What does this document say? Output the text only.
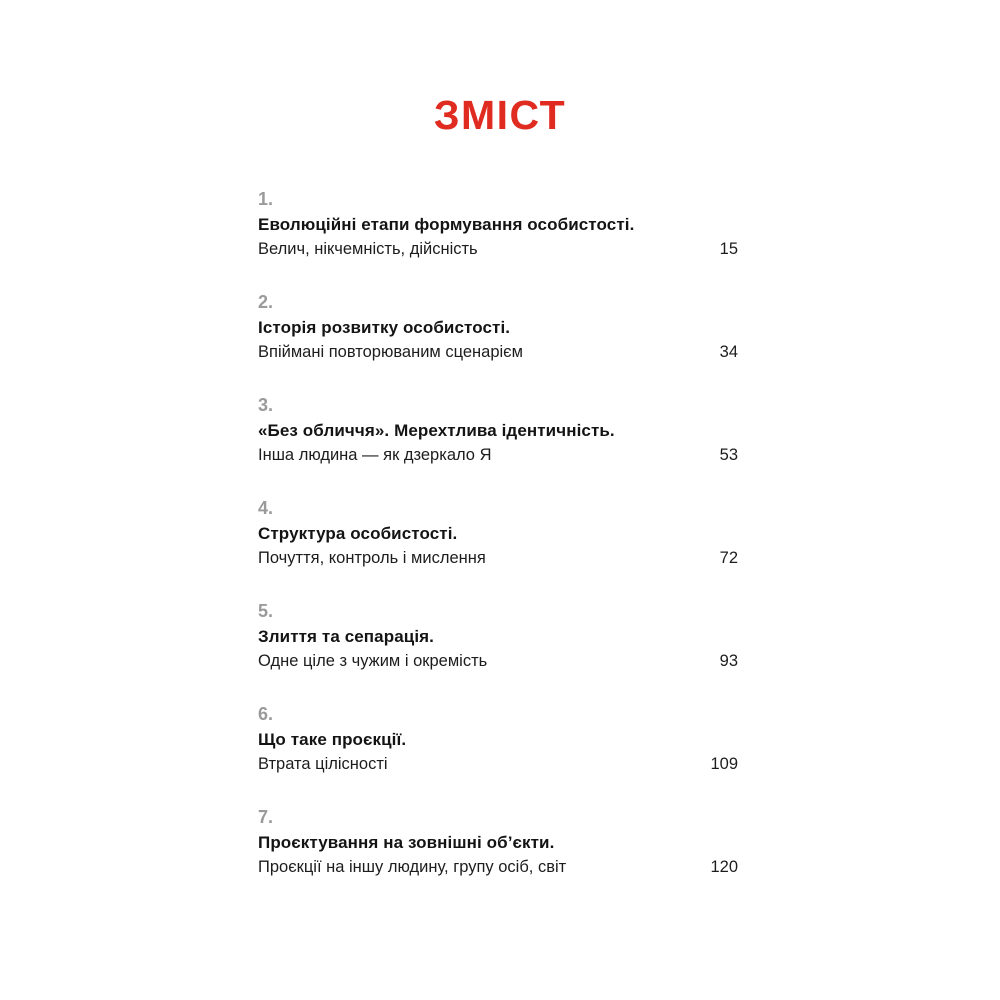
ЗМІСТ
1.
Еволюційні етапи формування особистості.
Велич, нікчемність, дійсність	15
2.
Історія розвитку особистості.
Впіймані повторюваним сценарієм	34
3.
«Без обличчя». Мерехтлива ідентичність.
Інша людина — як дзеркало Я	53
4.
Структура особистості.
Почуття, контроль і мислення	72
5.
Злиття та сепарація.
Одне ціле з чужим і окремість	93
6.
Що таке проєкції.
Втрата цілісності	109
7.
Проєктування на зовнішні об’єкти.
Проєкції на іншу людину, групу осіб, світ	120
